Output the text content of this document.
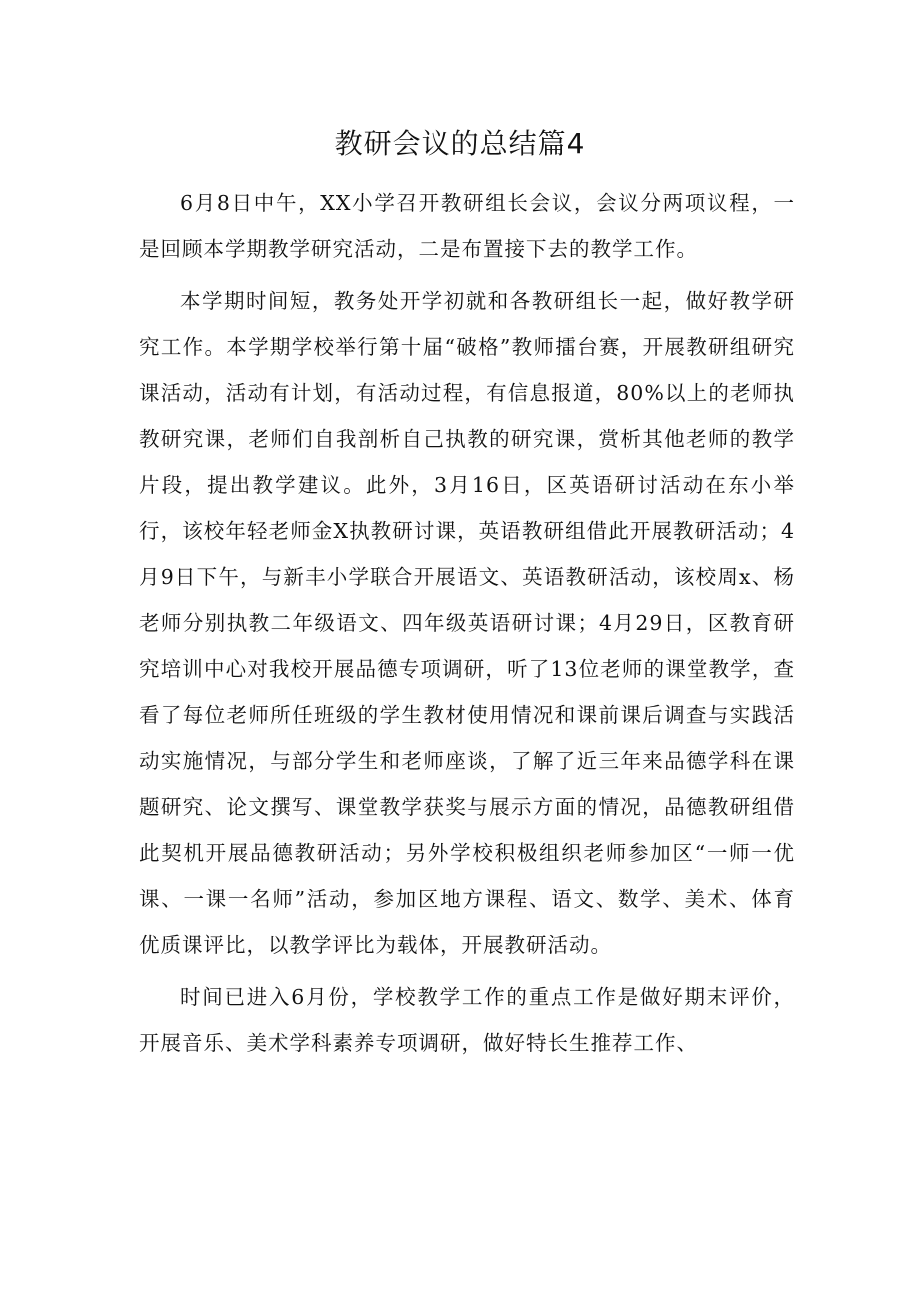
教研会议的总结篇4

6月8日中午，XX小学召开教研组长会议，会议分两项议程，一是回顾本学期教学研究活动，二是布置接下去的教学工作。

本学期时间短，教务处开学初就和各教研组长一起，做好教学研究工作。本学期学校举行第十届“破格”教师擂台赛，开展教研组研究课活动，活动有计划，有活动过程，有信息报道，80%以上的老师执教研究课，老师们自我剖析自己执教的研究课，赏析其他老师的教学片段，提出教学建议。此外，3月16日，区英语研讨活动在东小举行，该校年轻老师金X执教研讨课，英语教研组借此开展教研活动；4月9日下午，与新丰小学联合开展语文、英语教研活动，该校周x、杨老师分别执教二年级语文、四年级英语研讨课；4月29日，区教育研究培训中心对我校开展品德专项调研，听了13位老师的课堂教学，查看了每位老师所任班级的学生教材使用情况和课前课后调查与实践活动实施情况，与部分学生和老师座谈，了解了近三年来品德学科在课题研究、论文撰写、课堂教学获奖与展示方面的情况，品德教研组借此契机开展品德教研活动；另外学校积极组织老师参加区“一师一优课、一课一名师”活动，参加区地方课程、语文、数学、美术、体育优质课评比，以教学评比为载体，开展教研活动。

时间已进入6月份，学校教学工作的重点工作是做好期末评价，开展音乐、美术学科素养专项调研，做好特长生推荐工作、
